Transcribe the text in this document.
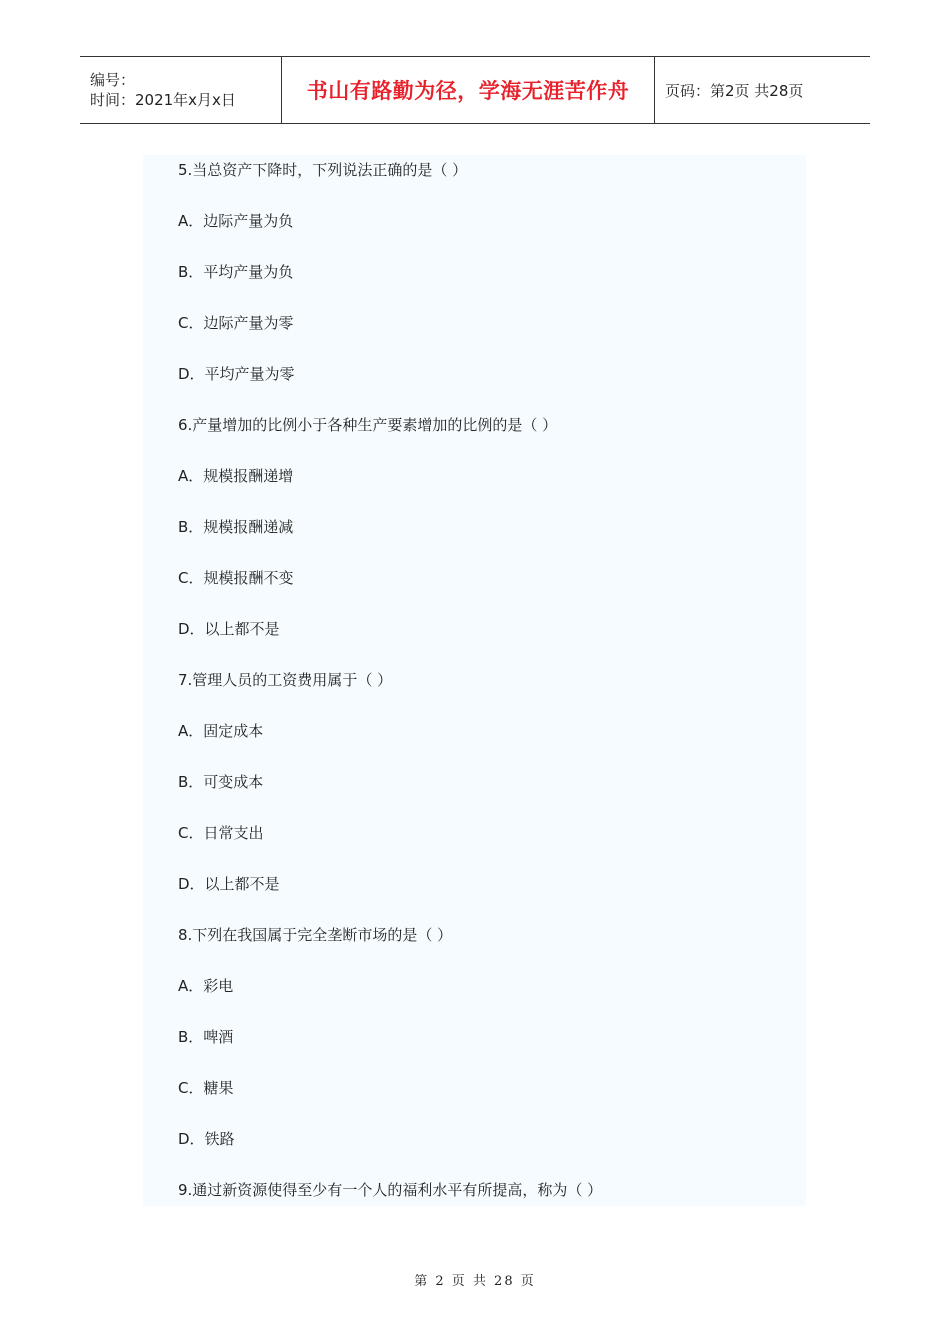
编号：
时间：2021年x月x日	书山有路勤为径，学海无涯苦作舟 页码：第2页 共28页
5.当总资产下降时，下列说法正确的是（ ）
A．边际产量为负
B．平均产量为负
C．边际产量为零
D．平均产量为零
6.产量增加的比例小于各种生产要素增加的比例的是（ ）
A．规模报酬递增
B．规模报酬递减
C．规模报酬不变
D．以上都不是
7.管理人员的工资费用属于（ ）
A．固定成本
B．可变成本
C．日常支出
D．以上都不是
8.下列在我国属于完全垄断市场的是（ ）
A．彩电
B．啤酒
C．糖果
D．铁路
9.通过新资源使得至少有一个人的福利水平有所提高，称为（ ）
第 2 页 共 28 页
